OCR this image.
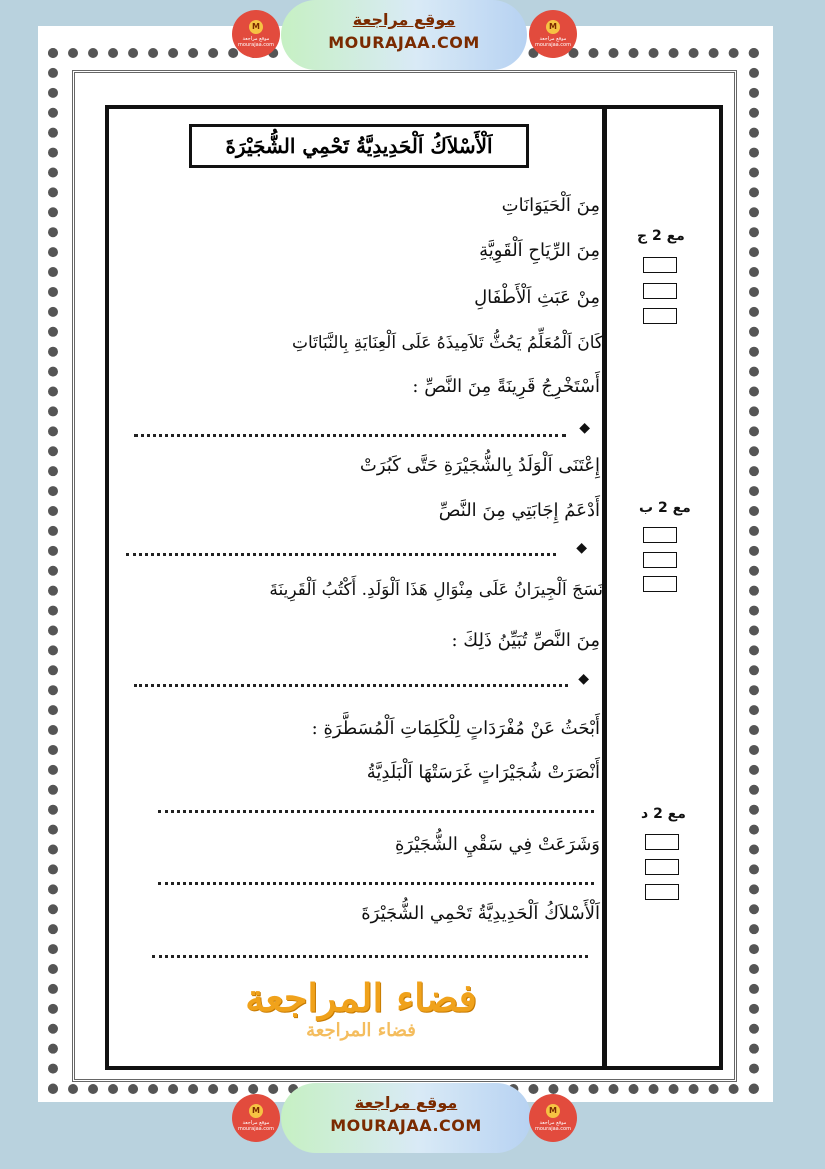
M
موقع مراجعة
mourajaa.com
موقع مراجعة
MOURAJAA.COM
M
موقع مراجعة
mourajaa.com
اَلْأَسْلاَكُ اَلْحَدِيدِيَّةُ تَحْمِي الشُّجَيْرَةَ
مِنَ اَلْحَيَوَانَاتِ
مِنَ الرِّيَاحِ اَلْقَوِيَّةِ
مِنْ عَبَثِ اَلْأَطْفَالِ
كَانَ اَلْمُعَلِّمُ يَحُثُّ تَلاَمِيذَهُ عَلَى اَلْعِنَايَةِ بِالنَّبَاتَاتِ
أَسْتَخْرِجُ قَرِينَةً مِنَ النَّصِّ :
◆
مع 2 ج
إِعْتَنَى اَلْوَلَدُ بِالشُّجَيْرَةِ حَتَّى كَبُرَتْ
أَدْعَمُ إِجَابَتِي مِنَ النَّصِّ
◆
مع 2 ب
نَسَجَ اَلْجِيرَانُ عَلَى مِنْوَالِ هَذَا اَلْوَلَدِ. أَكْتُبُ اَلْقَرِينَةَ
مِنَ النَّصِّ تُبَيِّنُ ذَلِكَ :
◆
أَبْحَثُ عَنْ مُفْرَدَاتٍ لِلْكَلِمَاتِ اَلْمُسَطَّرَةِ :
أَنْصَرَتْ شُجَيْرَاتٍ غَرَسَتْهَا اَلْبَلَدِيَّةُ
وَشَرَعَتْ فِي سَقْيِ الشُّجَيْرَةِ
اَلْأَسْلاَكُ اَلْحَدِيدِيَّةُ تَحْمِي الشُّجَيْرَةَ
مع 2 د
فضاء المراجعة
فضاء المراجعة
M
موقع مراجعة
mourajaa.com
موقع مراجعة
MOURAJAA.COM
M
موقع مراجعة
mourajaa.com
